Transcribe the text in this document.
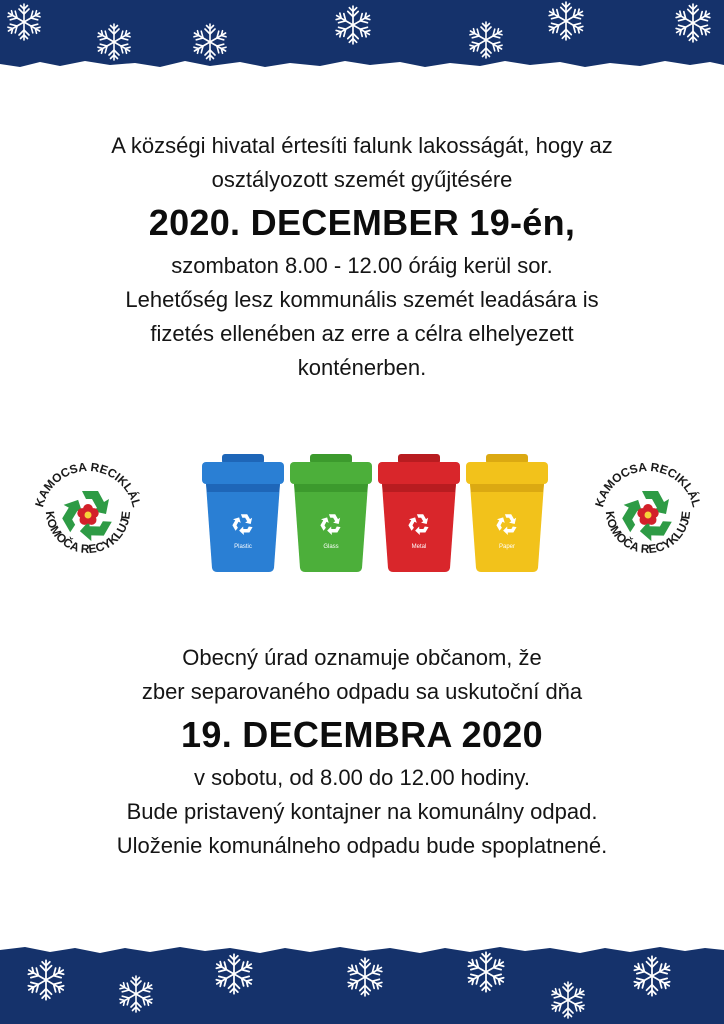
A községi hivatal értesíti falunk lakosságát, hogy az
osztályozott szemét gyűjtésére
2020. DECEMBER 19-én,
szombaton 8.00 - 12.00 óráig kerül sor.
Lehetőség lesz kommunális szemét leadására is
fizetés ellenében az erre a célra elhelyezett
konténerben.
KAMOCSA RECIKLÁL
KOMOČA RECYKLUJE
Plastic	Glass	Metal	Paper
KAMOCSA RECIKLÁL
KOMOČA RECYKLUJE
Obecný úrad oznamuje občanom, že
zber separovaného odpadu sa uskutoční dňa
19. DECEMBRA 2020
v sobotu, od 8.00 do 12.00 hodiny.
Bude pristavený kontajner na komunálny odpad.
Uloženie komunálneho odpadu bude spoplatnené.
